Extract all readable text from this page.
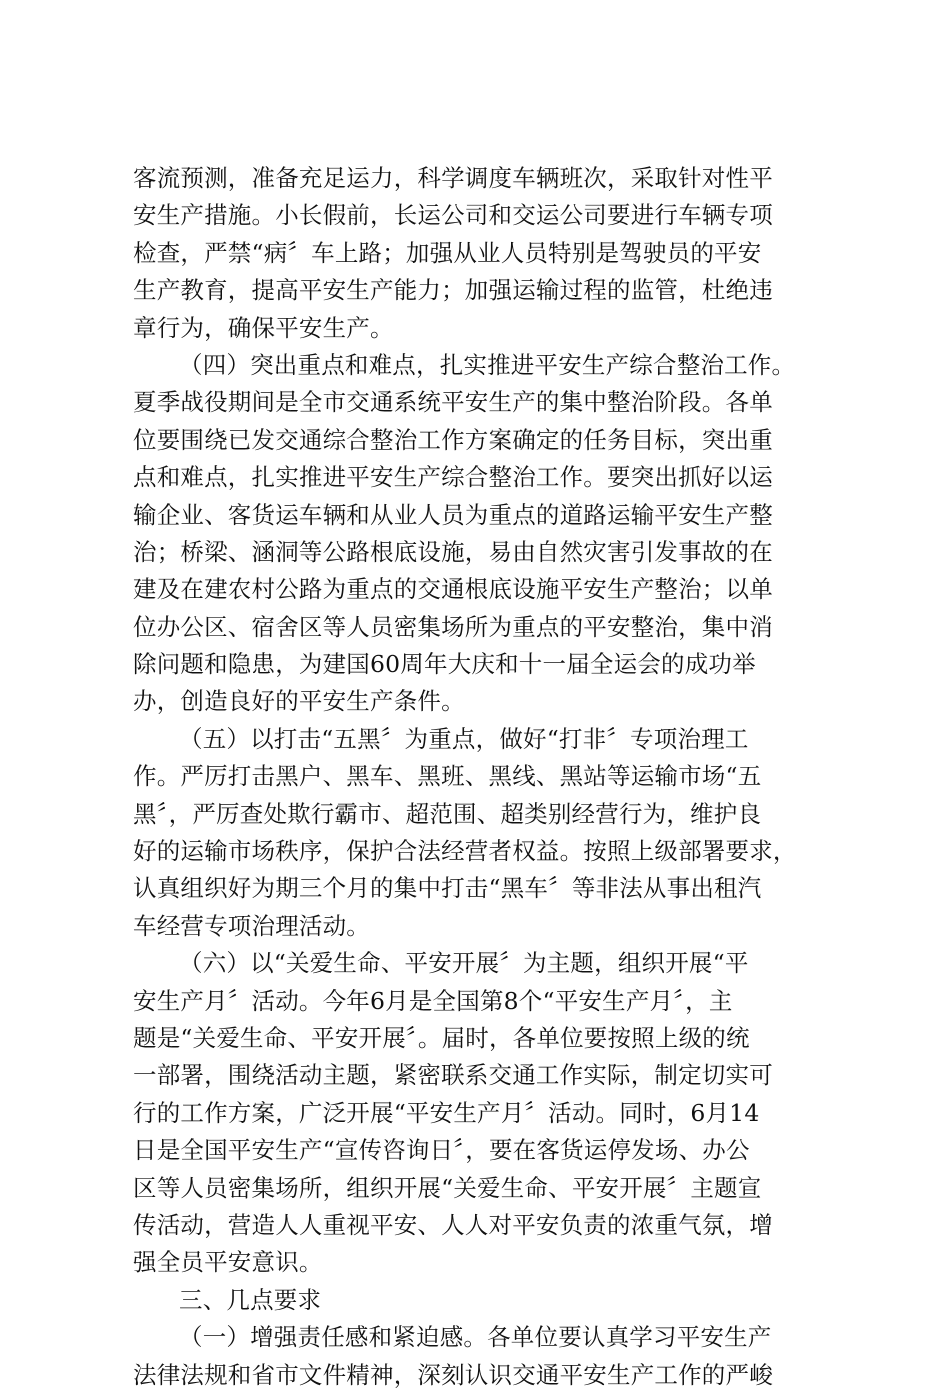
客流预测，准备充足运力，科学调度车辆班次，采取针对性平
安生产措施。小长假前，长运公司和交运公司要进行车辆专项
检查，严禁“病〞车上路；加强从业人员特别是驾驶员的平安
生产教育，提高平安生产能力；加强运输过程的监管，杜绝违
章行为，确保平安生产。
（四）突出重点和难点，扎实推进平安生产综合整治工作。
夏季战役期间是全市交通系统平安生产的集中整治阶段。各单
位要围绕已发交通综合整治工作方案确定的任务目标，突出重
点和难点，扎实推进平安生产综合整治工作。要突出抓好以运
输企业、客货运车辆和从业人员为重点的道路运输平安生产整
治；桥梁、涵洞等公路根底设施，易由自然灾害引发事故的在
建及在建农村公路为重点的交通根底设施平安生产整治；以单
位办公区、宿舍区等人员密集场所为重点的平安整治，集中消
除问题和隐患，为建国60周年大庆和十一届全运会的成功举
办，创造良好的平安生产条件。
（五）以打击“五黑〞为重点，做好“打非〞专项治理工
作。严厉打击黑户、黑车、黑班、黑线、黑站等运输市场“五
黑〞，严厉查处欺行霸市、超范围、超类别经营行为，维护良
好的运输市场秩序，保护合法经营者权益。按照上级部署要求，
认真组织好为期三个月的集中打击“黑车〞等非法从事出租汽
车经营专项治理活动。
（六）以“关爱生命、平安开展〞为主题，组织开展“平
安生产月〞活动。今年6月是全国第8个“平安生产月〞，主
题是“关爱生命、平安开展〞。届时，各单位要按照上级的统
一部署，围绕活动主题，紧密联系交通工作实际，制定切实可
行的工作方案，广泛开展“平安生产月〞活动。同时，6月14
日是全国平安生产“宣传咨询日〞，要在客货运停发场、办公
区等人员密集场所，组织开展“关爱生命、平安开展〞主题宣
传活动，营造人人重视平安、人人对平安负责的浓重气氛，增
强全员平安意识。
三、几点要求
（一）增强责任感和紧迫感。各单位要认真学习平安生产
法律法规和省市文件精神，深刻认识交通平安生产工作的严峻
